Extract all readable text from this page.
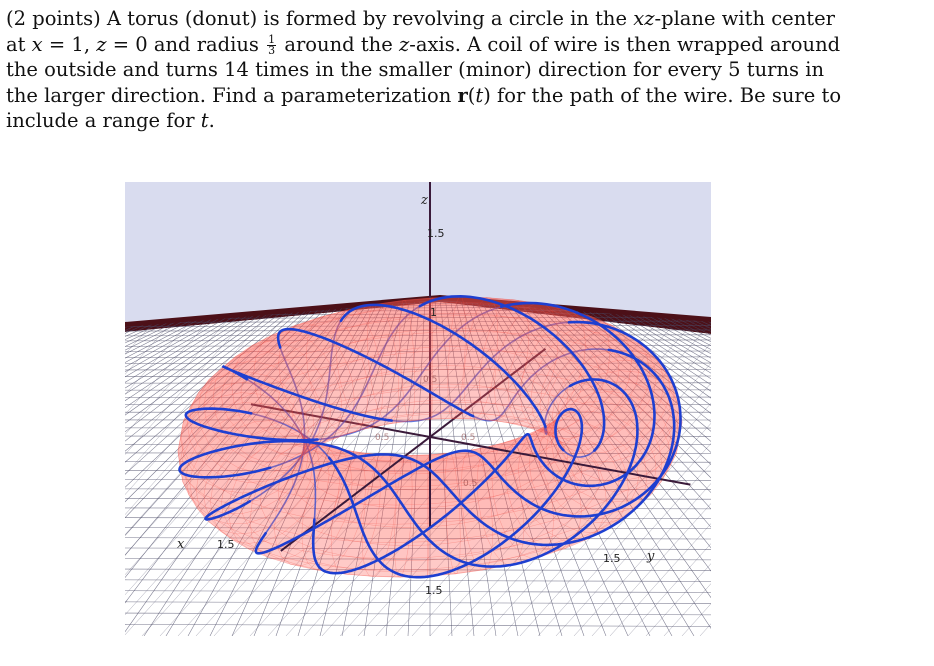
(2 points) A torus (donut) is formed by revolving a circle in the xz-plane with center
at x = 1, z = 0 and radius $\frac{1}{3}$ around the z-axis. A coil of wire is then wrapped around
the outside and turns 14 times in the smaller (minor) direction for every 5 turns in
the larger direction. Find a parameterization r(t) for the path of the wire. Be sure to
include a range for t.
z
1.5
1
x	1.5
1.5 y
1.5
0.5
0.5	0.5
0.5
